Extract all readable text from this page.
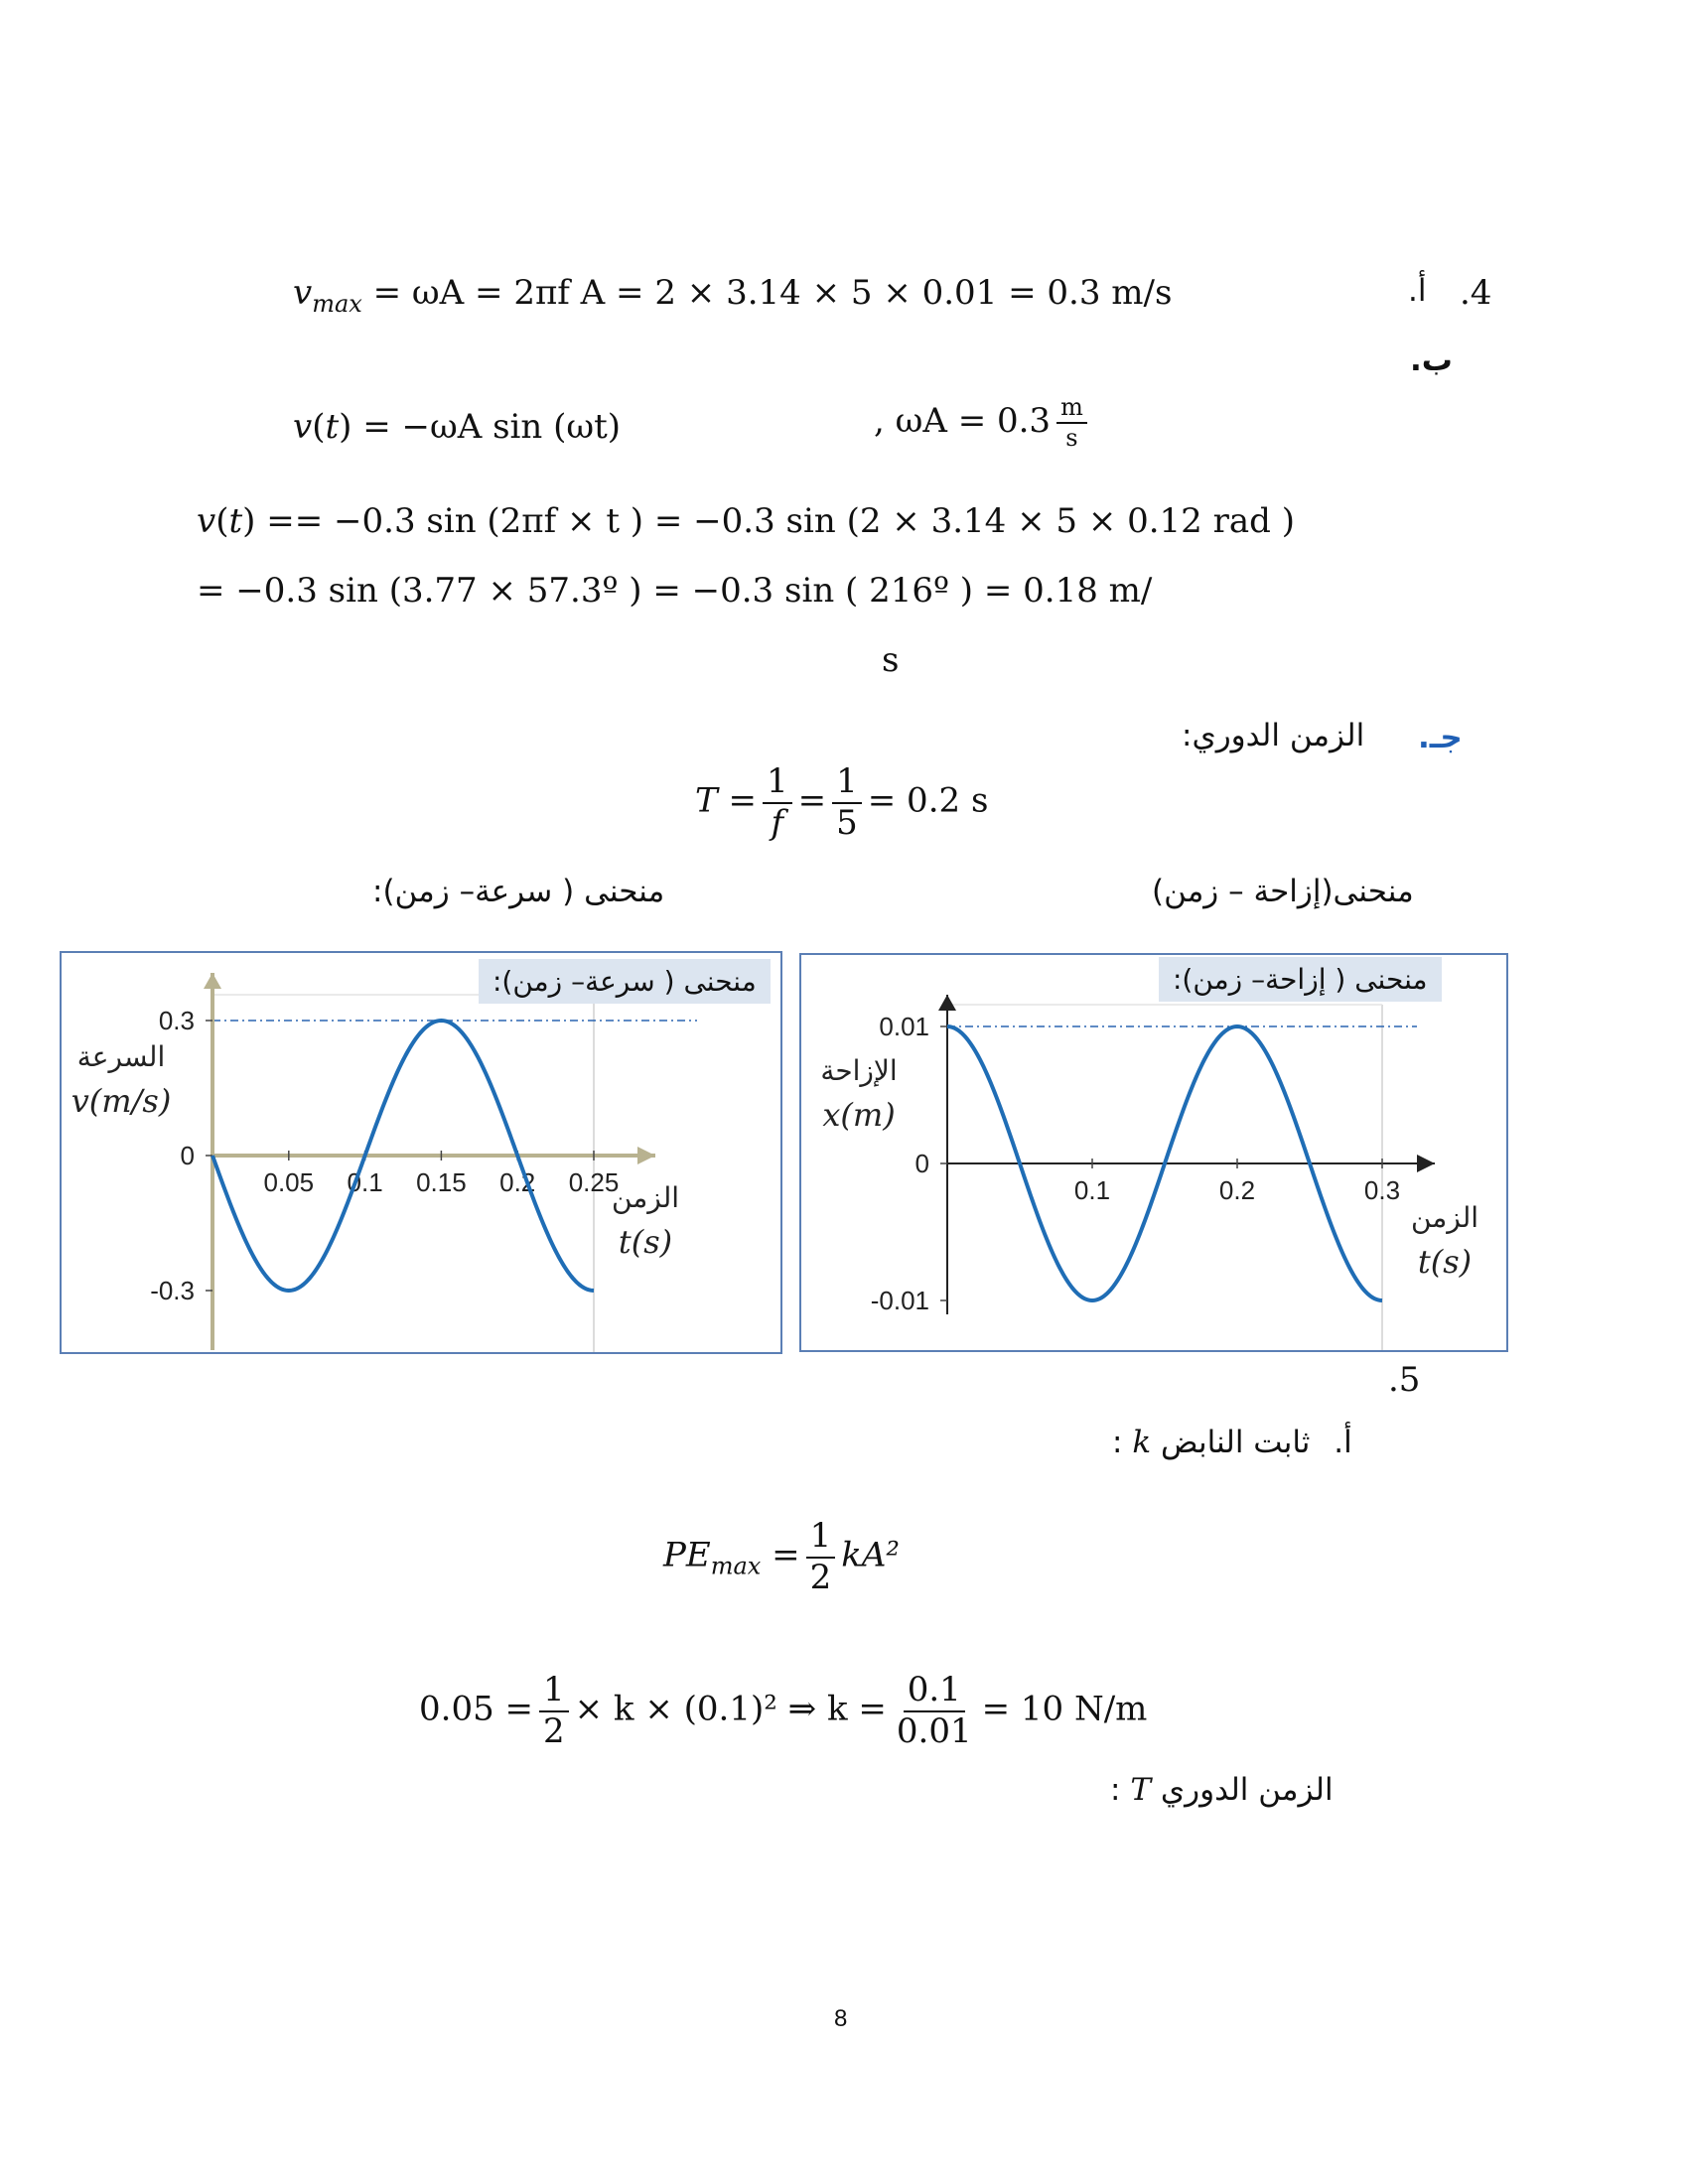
.4
أ.
$v_{max} = \omega A = 2\pi f$ A = 2 × 3.14 × 5 × 0.01 = 0.3 m/s
ب.
v(t) = −ωA sin (ωt)	, $\omega A = 0.3 \frac{m}{s}$
v(t) == −0.3 sin (2πf × t ) = −0.3 sin (2 × 3.14 × 5 × 0.12 rad )
= −0.3 sin (3.77 × 57.3º ) = −0.3 sin ( 216º ) = 0.18 m/
s
جـ.
الزمن الدوري:
$T = \frac{1}{f} = \frac{1}{5} = 0.2$ s
منحنى ( سرعة– زمن):	منحنى(إزاحة – زمن)
0.05 0.1 0.15 0.2 0.25
0.3
0
-0.3
السرعة
v(m/s)
الزمن
t(s)
منحنى ( سرعة– زمن):
0.1	0.2	0.3
0.01
0
-0.01
الإزاحة
x(m)
الزمن
t(s)
منحنى ( إزاحة– زمن):
.5
: k ثابت النابض أ.
$PE_{max} = \frac{1}{2} kA^2$
$0.05 = \frac{1}{2} \times k \times (0.1)^2$ ⇒ $k = \frac{0.1}{0.01} = 10$ N/m
: T الزمن الدوري
8
